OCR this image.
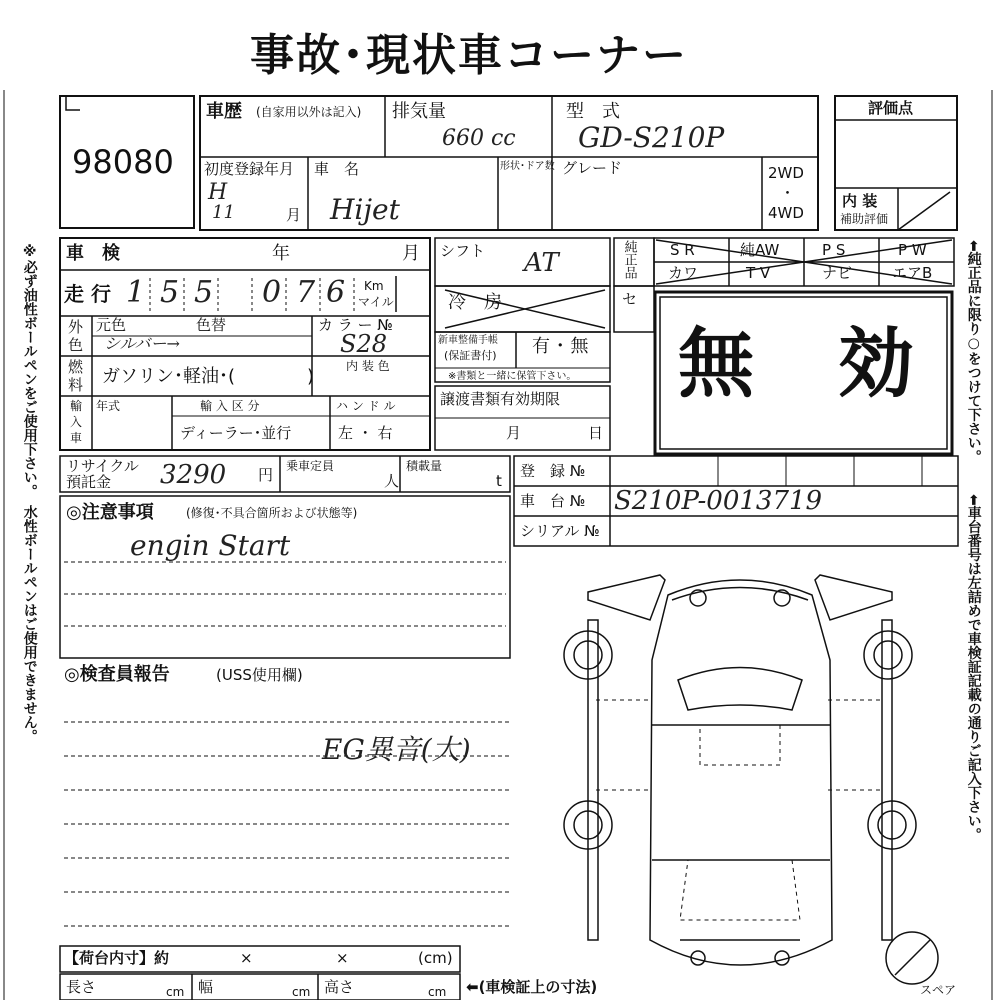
事故･現状車コーナー
98080
車歴 (自家用以外は記入) 排気量
660 cc
型　式
GD-S210P
評価点
初度登録年月
H
11	月
車　名
Hijet
形状･ドア数 グレード	2WD
・
4WD
内 装
補助評価
車　検	年	月
走 行 1 5 5 0 7 6 Km
マイル
外
色
元色	色替
シルバー→
カ ラ ー №
S28
燃
料 ガソリン･軽油･(　　　　)	内 装 色
輸
入
車
年式	輸 入 区 分
ディーラー･並行
ハ ン ド ル
左 ・ 右
シフト AT
冷　房
新車整備手帳
(保証書付) 有 ･ 無
※書類と一緒に保管下さい。
譲渡書類有効期限
月	日
純正品
セ
S R	純AW	P S	P W
カワ	T V	ナビ	エアB
無　効
リサイクル
預託金 3290 円 乗車定員
人
積載量
t
登　録 №
車　台 № S210P-0013719
シリアル №
◎注意事項	(修復･不具合箇所および状態等)
engin Start
◎検査員報告	(USS使用欄)
EG異音(大)
【荷台内寸】約	×	×	(cm)
長さ	cm 幅	cm 高さ	cm ⬅(車検証上の寸法)	スペア
※必ず油性ボールペンをご使用下さい。　水性ボールペンはご使用できません。	⬅純正品に限り○をつけて下さい。
⬅車台番号は左詰めで車検証記載の通りご記入下さい。
